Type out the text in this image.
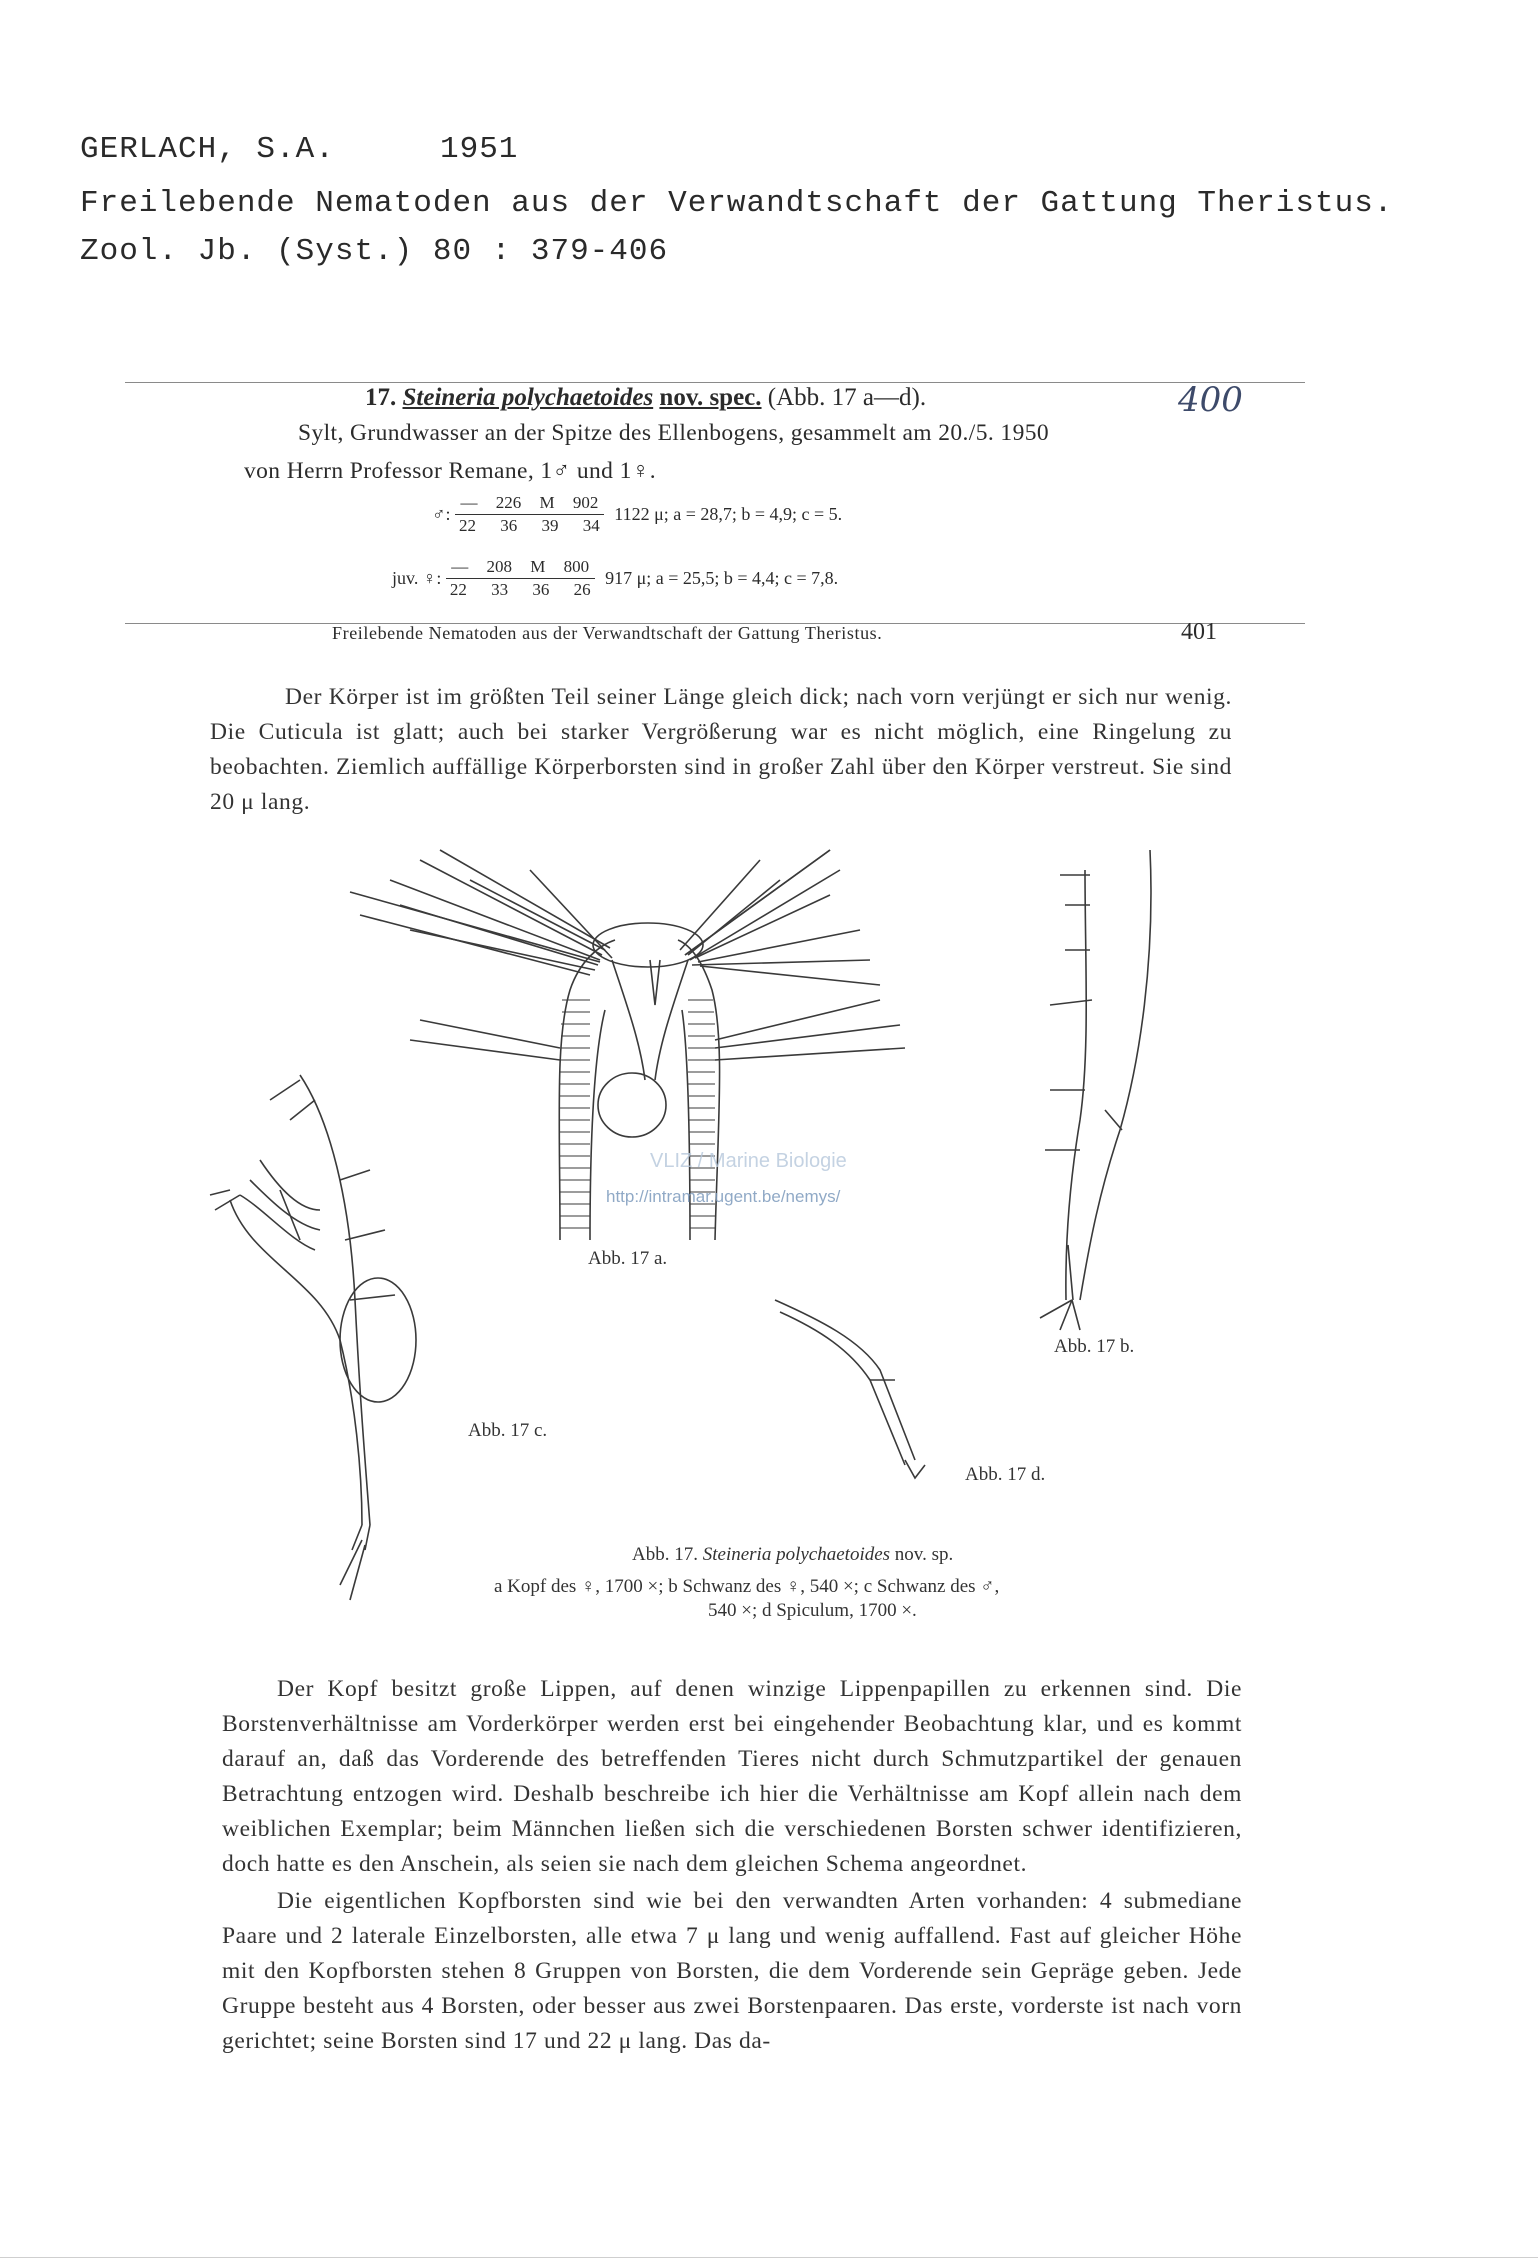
GERLACH, S.A.	1951
Freilebende Nematoden aus der Verwandtschaft der Gattung Theristus.
Zool. Jb. (Syst.) 80 : 379-406
17. Steineria polychaetoides nov. spec. (Abb. 17 a—d).	400
Sylt, Grundwasser an der Spitze des Ellenbogens, gesammelt am 20./5. 1950
von Herrn Professor Remane, 1♂ und 1♀.
♂: $\frac{— 226 M 902}{22 36 39 34} 1122$ μ; a = 28,7; b = 4,9; c = 5.
juv. ♀: $\frac{— 208 M 800}{22 33 36 26} 917$ μ; a = 25,5; b = 4,4; c = 7,8.
Freilebende Nematoden aus der Verwandtschaft der Gattung Theristus.	401

Der Körper ist im größten Teil seiner Länge gleich dick; nach vorn verjüngt er sich nur wenig. Die Cuticula ist glatt; auch bei starker Vergrößerung war es nicht möglich, eine Ringelung zu beobachten. Ziemlich auffällige Körperborsten sind in großer Zahl über den Körper verstreut. Sie sind 20 μ lang.

VLIZ / Marine Biologie
http://intramar.ugent.be/nemys/
Abb. 17 a.
Abb. 17 b.
Abb. 17 c.
Abb. 17 d.
Abb. 17. Steineria polychaetoides nov. sp.
a Kopf des ♀, 1700 ×; b Schwanz des ♀, 540 ×; c Schwanz des ♂,
540 ×; d Spiculum, 1700 ×.

Der Kopf besitzt große Lippen, auf denen winzige Lippenpapillen zu erkennen sind. Die Borstenverhältnisse am Vorderkörper werden erst bei eingehender Beobachtung klar, und es kommt darauf an, daß das Vorderende des betreffenden Tieres nicht durch Schmutzpartikel der genauen Betrachtung entzogen wird. Deshalb beschreibe ich hier die Verhältnisse am Kopf allein nach dem weiblichen Exemplar; beim Männchen ließen sich die verschiedenen Borsten schwer identifizieren, doch hatte es den Anschein, als seien sie nach dem gleichen Schema angeordnet.

Die eigentlichen Kopfborsten sind wie bei den verwandten Arten vorhanden: 4 submediane Paare und 2 laterale Einzelborsten, alle etwa 7 μ lang und wenig auffallend. Fast auf gleicher Höhe mit den Kopfborsten stehen 8 Gruppen von Borsten, die dem Vorderende sein Gepräge geben. Jede Gruppe besteht aus 4 Borsten, oder besser aus zwei Borstenpaaren. Das erste, vorderste ist nach vorn gerichtet; seine Borsten sind 17 und 22 μ lang. Das da-
